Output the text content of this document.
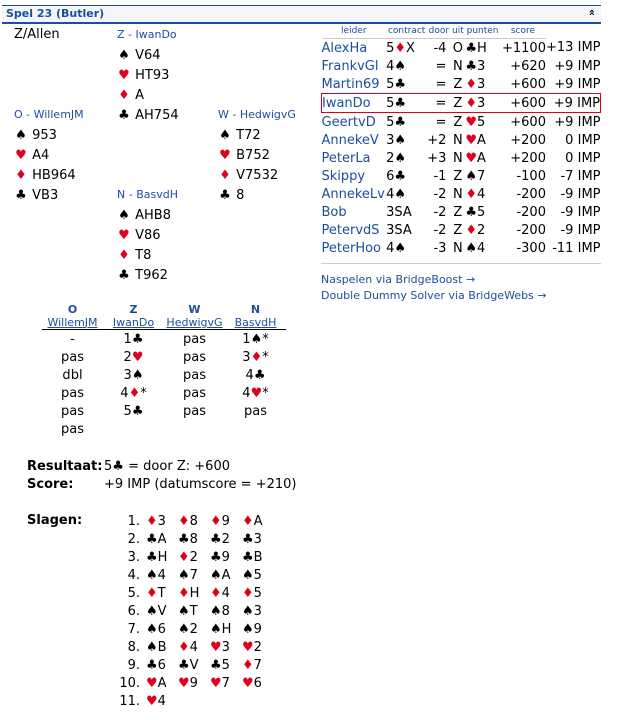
Spel 23 (Butler)	»
Z/Allen	Z - IwanDo
♠ V64
♥ HT93
♦ A
♣ AH754
O - WillemJM
♠ 953
♥ A4
♦ HB964
♣ VB3
W - HedwigvG
♠ T72
♥ B752
♦ V7532
♣ 8
N - BasvdH
♠ AHB8
♥ V86
♦ T8
♣ T962
leider	contract	door	uit	punten	score	
AlexHa	5♦X	-4	O	♣H	+1100	+13 IMP
FrankvGl	4♠	=	N	♣3	+620	+9 IMP
Martin69	5♣	=	Z	♦3	+600	+9 IMP
IwanDo	5♣	=	Z	♦3	+600	+9 IMP
GeertvD	5♣	=	Z	♥5	+600	+9 IMP
AnnekeV	3♠	+2	N	♥A	+200	0 IMP
PeterLa	2♠	+3	N	♥A	+200	0 IMP
Skippy	6♣	-1	Z	♠7	-100	-7 IMP
AnnekeLv	4♠	-2	N	♦4	-200	-9 IMP
Bob	3SA	-2	Z	♣5	-200	-9 IMP
PetervdS	3SA	-2	Z	♦2	-200	-9 IMP
PeterHoo	4♠	-3	N	♠4	-300	-11 IMP
Naspelen via BridgeBoost →
Double Dummy Solver via BridgeWebs →
O	Z	W	N
WillemJM	IwanDo	HedwigvG	BasvdH
-	1♣	pas	1♠*
pas	2♥	pas	3♦*
dbl	3♠	pas	4♣
pas	4♦*	pas	4♥*
pas	5♣	pas	pas
pas			
Resultaat: 5♣ = door Z: +600
Score: +9 IMP (datumscore = +210)
Slagen:	1. ♦3 ♦8 ♦9 ♦A
2. ♣A ♣8 ♣2 ♣3
3. ♣H ♦2 ♣9 ♣B
4. ♠4 ♠7 ♠A ♠5
5. ♦T ♦H ♦4 ♦5
6. ♠V ♠T ♠8 ♠3
7. ♠6 ♠2 ♠H ♠9
8. ♠B ♦4 ♥3 ♥2
9. ♣6 ♣V ♣5 ♦7
10. ♥A ♥9 ♥7 ♥6
11. ♥4
